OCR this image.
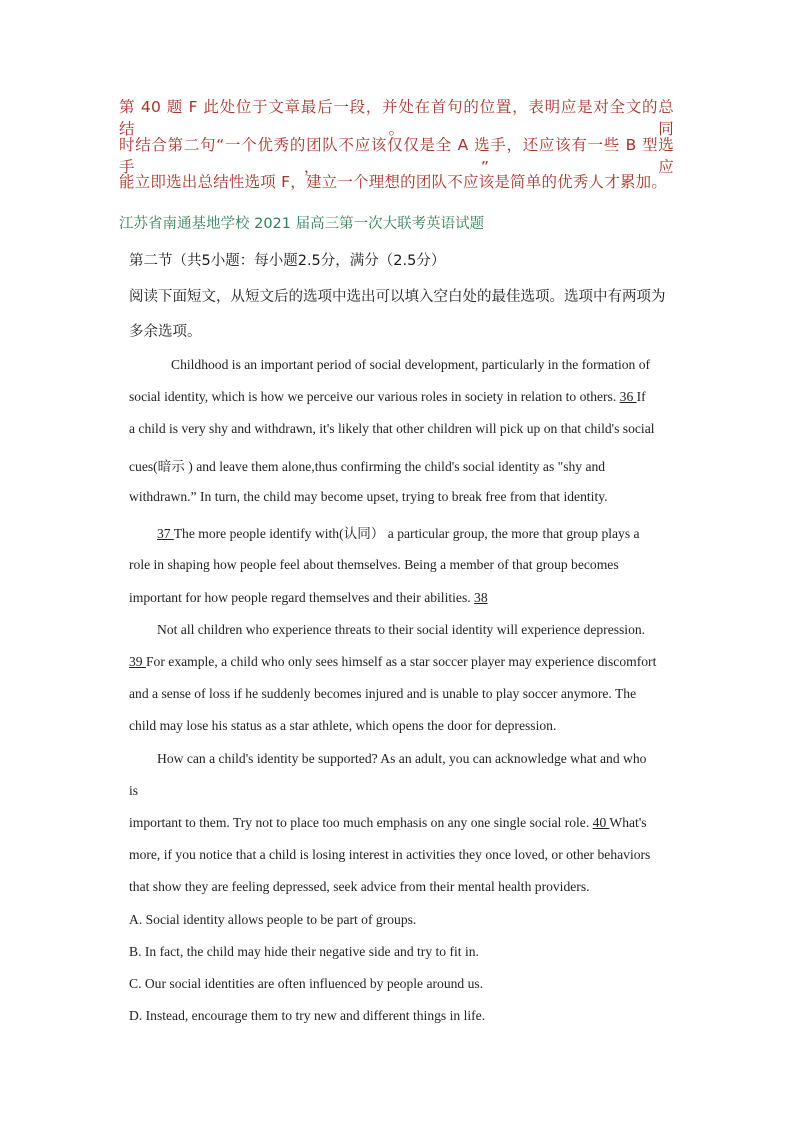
第 40 题 F 此处位于文章最后一段，并处在首句的位置，表明应是对全文的总结。同
时结合第二句“一个优秀的团队不应该仅仅是全 A 选手，还应该有一些 B 型选手，”应
能立即选出总结性选项 F，建立一个理想的团队不应该是简单的优秀人才累加。
江苏省南通基地学校 2021 届高三第一次大联考英语试题
第二节（共5小题：每小题2.5分，满分（2.5分）
阅读下面短文，从短文后的选项中选出可以填入空白处的最佳选项。选项中有两项为
多余选项。
Childhood is an important period of social development, particularly in the formation of
social identity, which is how we perceive our various roles in society in relation to others. 36 If
a child is very shy and withdrawn, it's likely that other children will pick up on that child's social
cues(暗示 ) and leave them alone,thus confirming the child's social identity as "shy and
withdrawn.” In turn, the child may become upset, trying to break free from that identity.
37 The more people identify with(认同） a particular group, the more that group plays a
role in shaping how people feel about themselves. Being a member of that group becomes
important for how people regard themselves and their abilities. 38
Not all children who experience threats to their social identity will experience depression.
39 For example, a child who only sees himself as a star soccer player may experience discomfort
and a sense of loss if he suddenly becomes injured and is unable to play soccer anymore. The
child may lose his status as a star athlete, which opens the door for depression.
How can a child's identity be supported? As an adult, you can acknowledge what and who
is
important to them. Try not to place too much emphasis on any one single social role. 40 What's
more, if you notice that a child is losing interest in activities they once loved, or other behaviors
that show they are feeling depressed, seek advice from their mental health providers.
A. Social identity allows people to be part of groups.
B. In fact, the child may hide their negative side and try to fit in.
C. Our social identities are often influenced by people around us.
D. Instead, encourage them to try new and different things in life.
